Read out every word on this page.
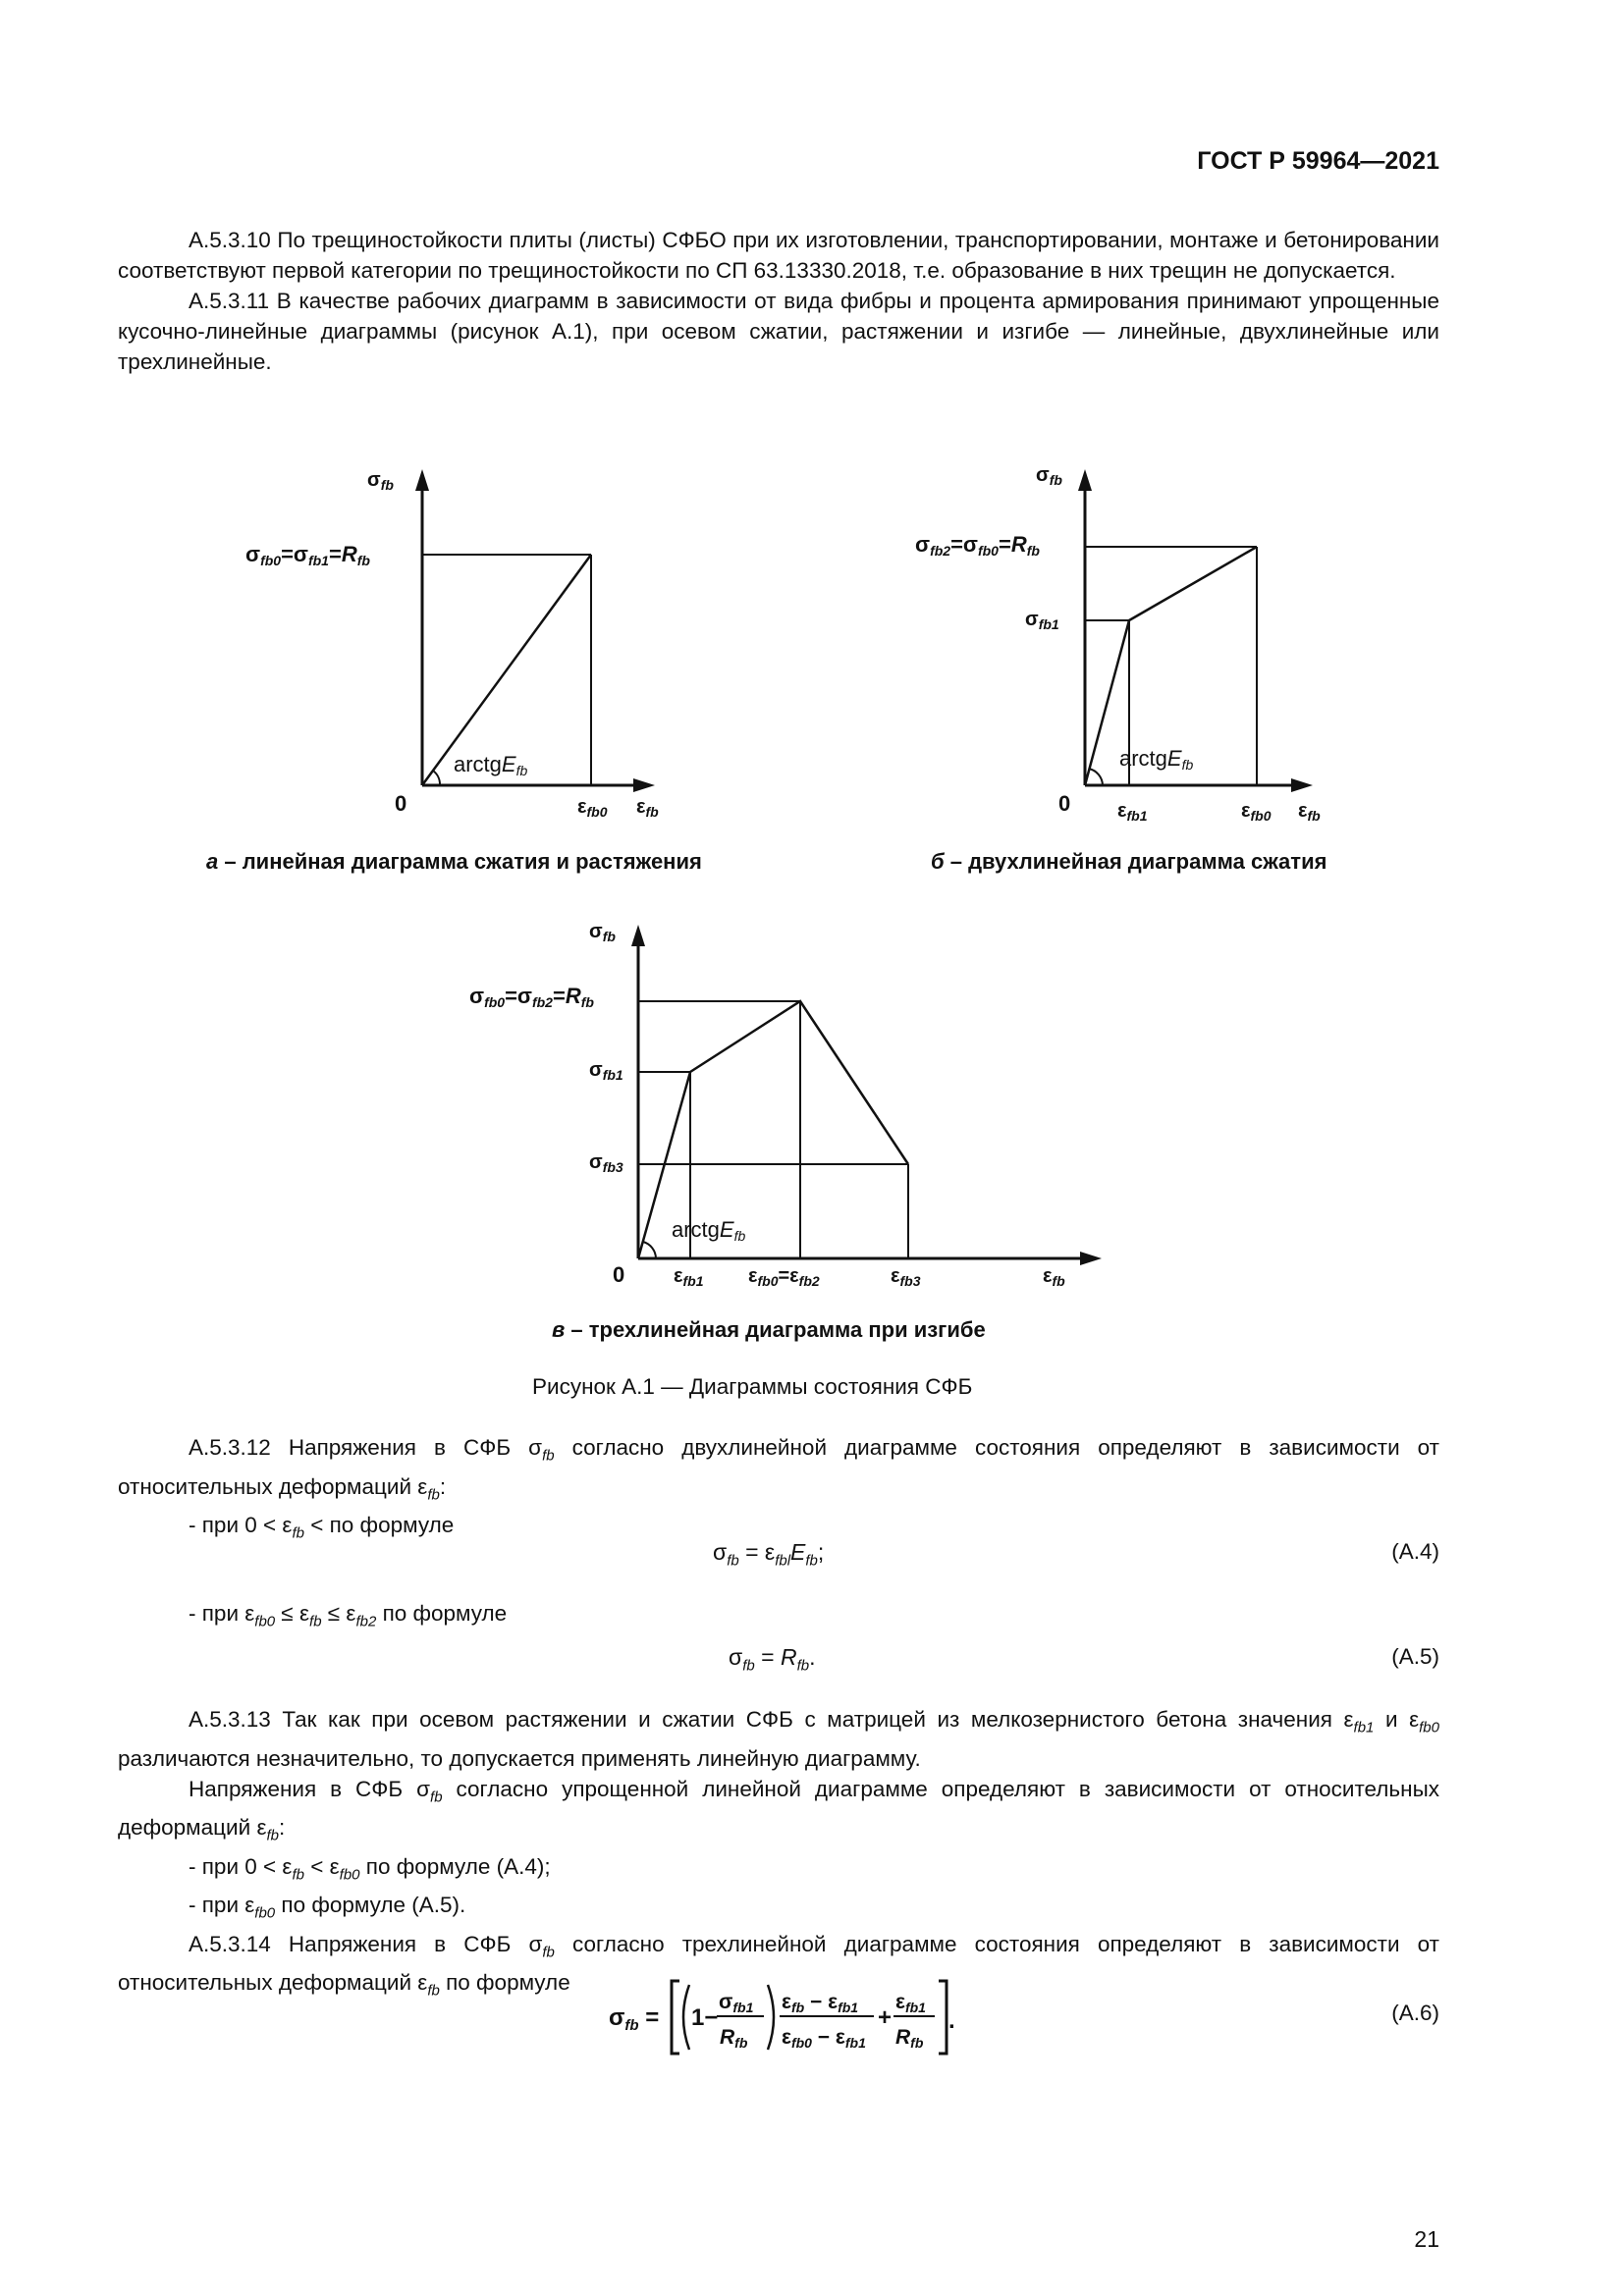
ГОСТ Р 59964—2021

А.5.3.10 По трещиностойкости плиты (листы) СФБО при их изготовлении, транспортировании, монтаже и бетонировании соответствуют первой категории по трещиностойкости по СП 63.13330.2018, т.е. образование в них трещин не допускается.

А.5.3.11 В качестве рабочих диаграмм в зависимости от вида фибры и процента армирования принимают упрощенные кусочно-линейные диаграммы (рисунок А.1), при осевом сжатии, растяжении и изгибе — линейные, двухлинейные или трехлинейные.

$\sigma_{fb}$
σfb0=σfb1=Rfb
0	$\varepsilon_{fb0}$ $\varepsilon_{fb}$
arctgEfb
а – линейная диаграмма сжатия и растяжения
$\sigma_{fb}$
σfb2=σfb0=Rfb
$\sigma_{fb1}$
0 $\varepsilon_{fb1}$	$\varepsilon_{fb0}$ $\varepsilon_{fb}$
arctgEfb
б – двухлинейная диаграмма сжатия
$\sigma_{fb}$
σfb0=σfb2=Rfb
$\sigma_{fb1}$
$\sigma_{fb3}$
0 $\varepsilon_{fb1}$ $\varepsilon_{fb0}=\varepsilon_{fb2}$	$\varepsilon_{fb3}$	$\varepsilon_{fb}$
arctgEfb
в – трехлинейная диаграмма при изгибе
Рисунок А.1 — Диаграммы состояния СФБ

А.5.3.12 Напряжения в СФБ $\sigma_{fb}$ согласно двухлинейной диаграмме состояния определяют в зависимости от относительных деформаций $\varepsilon_{fb}$:

- при $0 < \varepsilon_{fb}$ < по формуле

$\sigma_{fb} = \varepsilon_{fbl}E_{fb}$;	(А.4)

- при $\varepsilon_{fb0} \le \varepsilon_{fb} \le \varepsilon_{fb2}$ по формуле

$\sigma_{fb} = R_{fb}$.	(А.5)

А.5.3.13 Так как при осевом растяжении и сжатии СФБ с матрицей из мелкозернистого бетона значения $\varepsilon_{fb1}$ и $\varepsilon_{fb0}$ различаются незначительно, то допускается применять линейную диаграмму.

Напряжения в СФБ $\sigma_{fb}$ согласно упрощенной линейной диаграмме определяют в зависимости от относительных деформаций $\varepsilon_{fb}$:

- при $0 < \varepsilon_{fb} < \varepsilon_{fb0}$ по формуле (А.4);

- при $\varepsilon_{fb0}$ по формуле (А.5).

А.5.3.14 Напряжения в СФБ $\sigma_{fb}$ согласно трехлинейной диаграмме состояния определяют в зависимости от относительных деформаций $\varepsilon_{fb}$ по формуле

$\sigma_{fb} = 1-$
σfb1
Rfb
εfb − εfb1
εfb0 − εfb1
+
εfb1
Rfb
.	(А.6)
21
